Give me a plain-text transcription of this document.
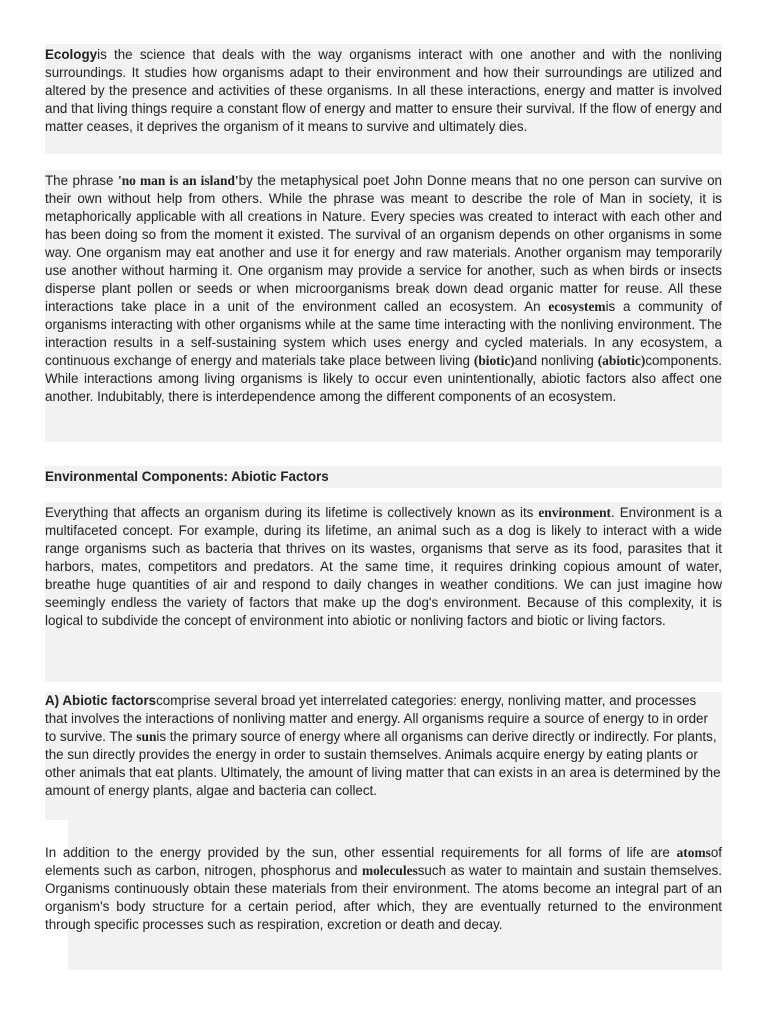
Ecologyis the science that deals with the way organisms interact with one another and with the nonliving surroundings. It studies how organisms adapt to their environment and how their surroundings are utilized and altered by the presence and activities of these organisms. In all these interactions, energy and matter is involved and that living things require a constant flow of energy and matter to ensure their survival. If the flow of energy and matter ceases, it deprives the organism of it means to survive and ultimately dies.

The phrase 'no man is an island'by the metaphysical poet John Donne means that no one person can survive on their own without help from others. While the phrase was meant to describe the role of Man in society, it is metaphorically applicable with all creations in Nature. Every species was created to interact with each other and has been doing so from the moment it existed. The survival of an organism depends on other organisms in some way. One organism may eat another and use it for energy and raw materials. Another organism may temporarily use another without harming it. One organism may provide a service for another, such as when birds or insects disperse plant pollen or seeds or when microorganisms break down dead organic matter for reuse. All these interactions take place in a unit of the environment called an ecosystem. An ecosystemis a community of organisms interacting with other organisms while at the same time interacting with the nonliving environment. The interaction results in a self-sustaining system which uses energy and cycled materials. In any ecosystem, a continuous exchange of energy and materials take place between living (biotic)and nonliving (abiotic)components. While interactions among living organisms is likely to occur even unintentionally, abiotic factors also affect one another. Indubitably, there is interdependence among the different components of an ecosystem.

Environmental Components: Abiotic Factors

Everything that affects an organism during its lifetime is collectively known as its environment. Environment is a multifaceted concept. For example, during its lifetime, an animal such as a dog is likely to interact with a wide range organisms such as bacteria that thrives on its wastes, organisms that serve as its food, parasites that it harbors, mates, competitors and predators. At the same time, it requires drinking copious amount of water, breathe huge quantities of air and respond to daily changes in weather conditions. We can just imagine how seemingly endless the variety of factors that make up the dog's environment. Because of this complexity, it is logical to subdivide the concept of environment into abiotic or nonliving factors and biotic or living factors.

A) Abiotic factorscomprise several broad yet interrelated categories: energy, nonliving matter, and processes that involves the interactions of nonliving matter and energy. All organisms require a source of energy to in order to survive. The sunis the primary source of energy where all organisms can derive directly or indirectly. For plants, the sun directly provides the energy in order to sustain themselves. Animals acquire energy by eating plants or other animals that eat plants. Ultimately, the amount of living matter that can exists in an area is determined by the amount of energy plants, algae and bacteria can collect.

In addition to the energy provided by the sun, other essential requirements for all forms of life are atomsof elements such as carbon, nitrogen, phosphorus and moleculessuch as water to maintain and sustain themselves. Organisms continuously obtain these materials from their environment. The atoms become an integral part of an organism's body structure for a certain period, after which, they are eventually returned to the environment through specific processes such as respiration, excretion or death and decay.
